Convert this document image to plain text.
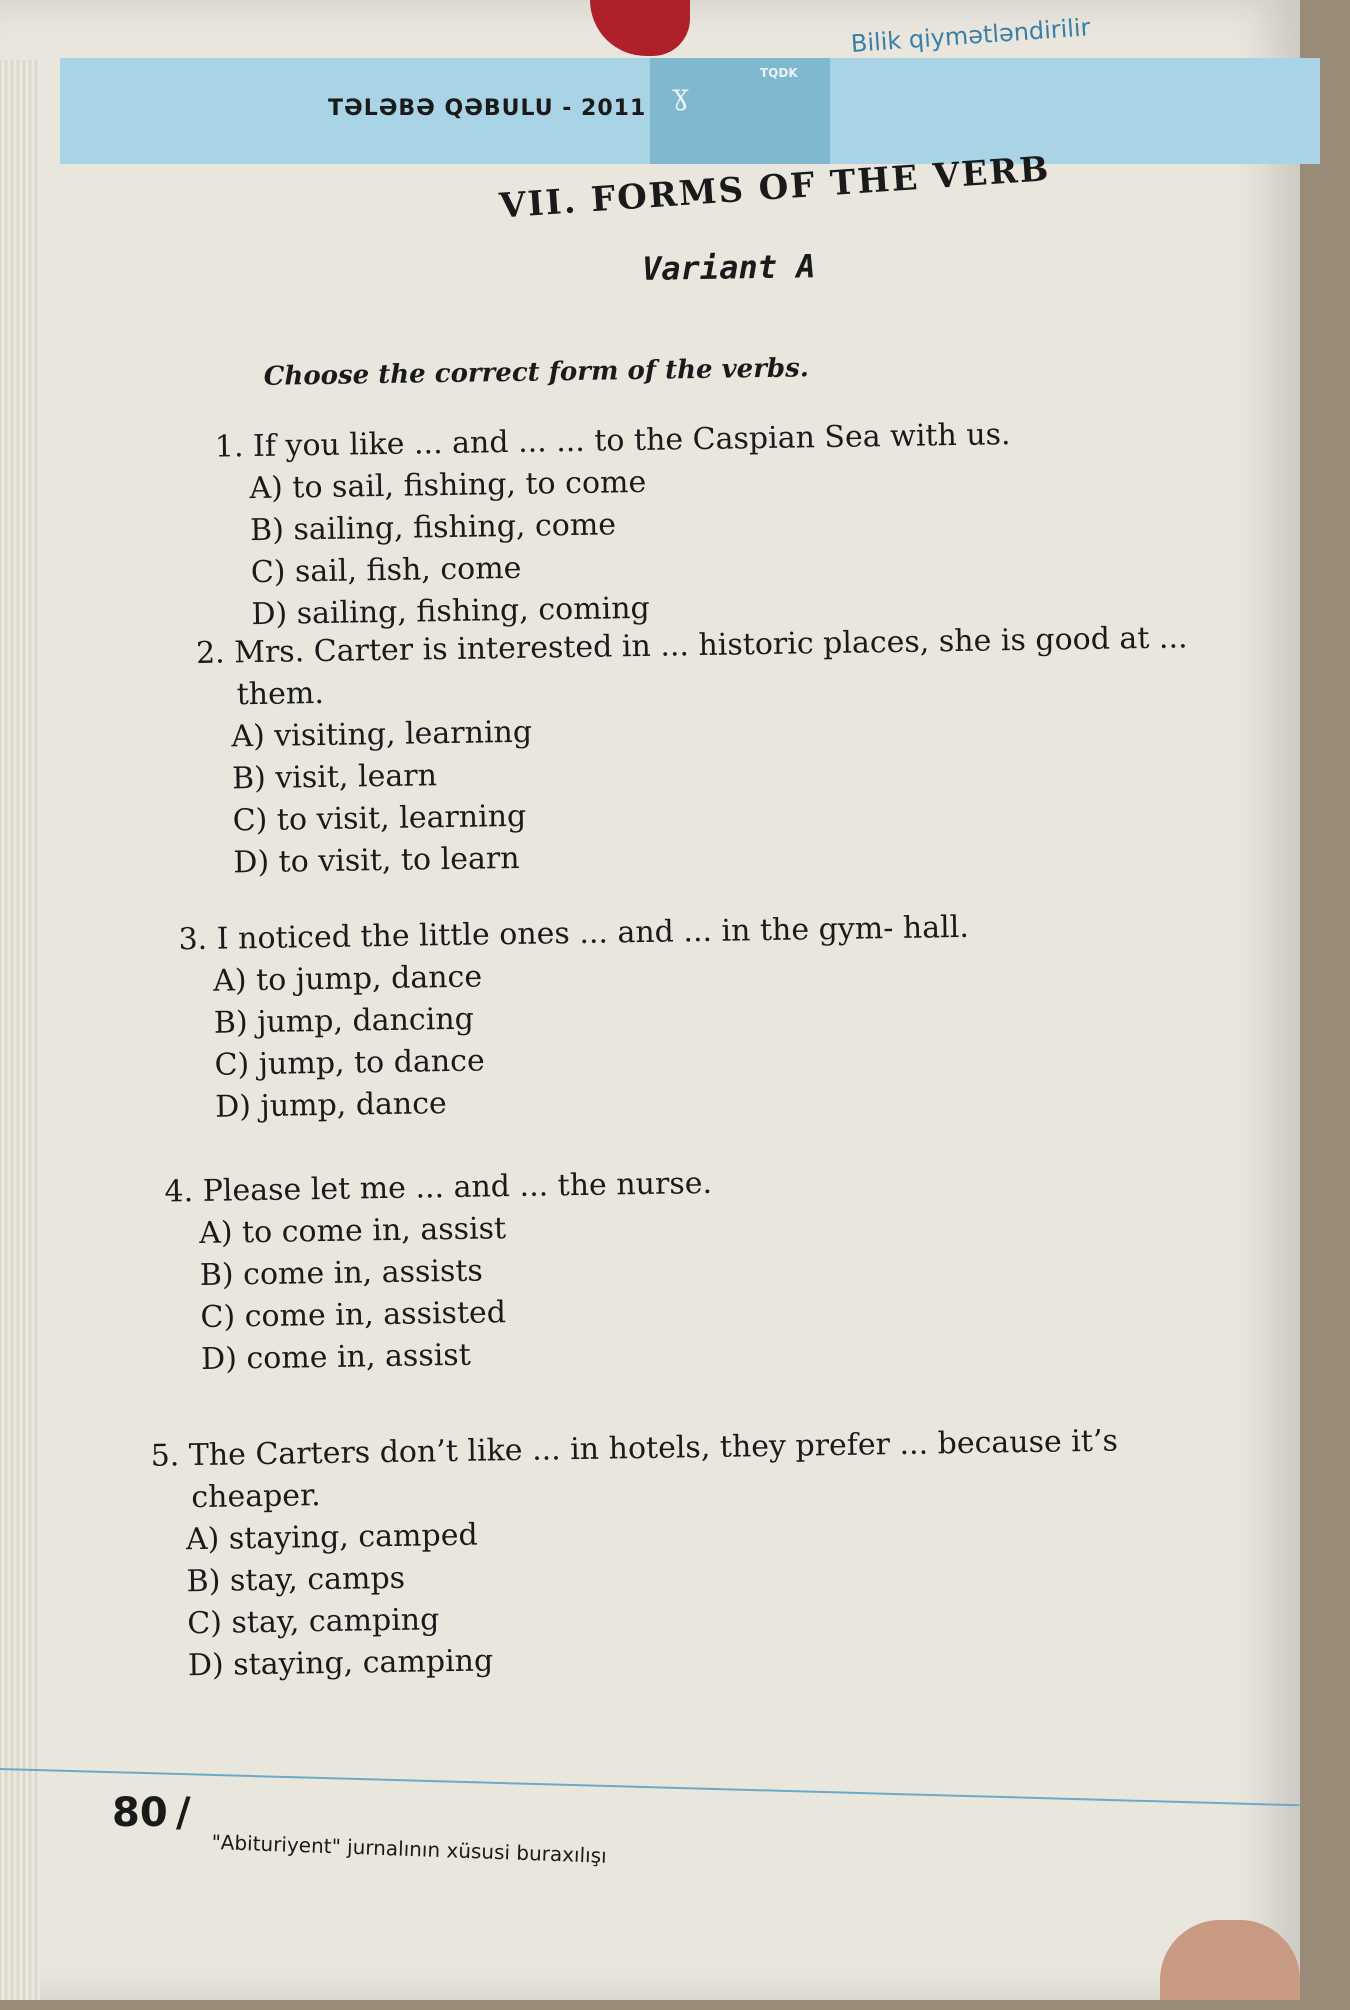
TƏLƏBƏ QƏBULU - 2011 ɣ
TQDK
Bilik qiymətləndirilir
VII. FORMS OF THE VERB
Variant A
Choose the correct form of the verbs.
1. If you like ... and ... ... to the Caspian Sea with us.
A) to sail, fishing, to come
B) sailing, fishing, come
C) sail, fish, come
D) sailing, fishing, coming
2. Mrs. Carter is interested in ... historic places, she is good at ...
them.
A) visiting, learning
B) visit, learn
C) to visit, learning
D) to visit, to learn
3. I noticed the little ones ... and ... in the gym- hall.
A) to jump, dance
B) jump, dancing
C) jump, to dance
D) jump, dance
4. Please let me ... and ... the nurse.
A) to come in, assist
B) come in, assists
C) come in, assisted
D) come in, assist
5. The Carters don’t like ... in hotels, they prefer ... because it’s
cheaper.
A) staying, camped
B) stay, camps
C) stay, camping
D) staying, camping
80 /
"Abituriyent" jurnalının xüsusi buraxılışı
